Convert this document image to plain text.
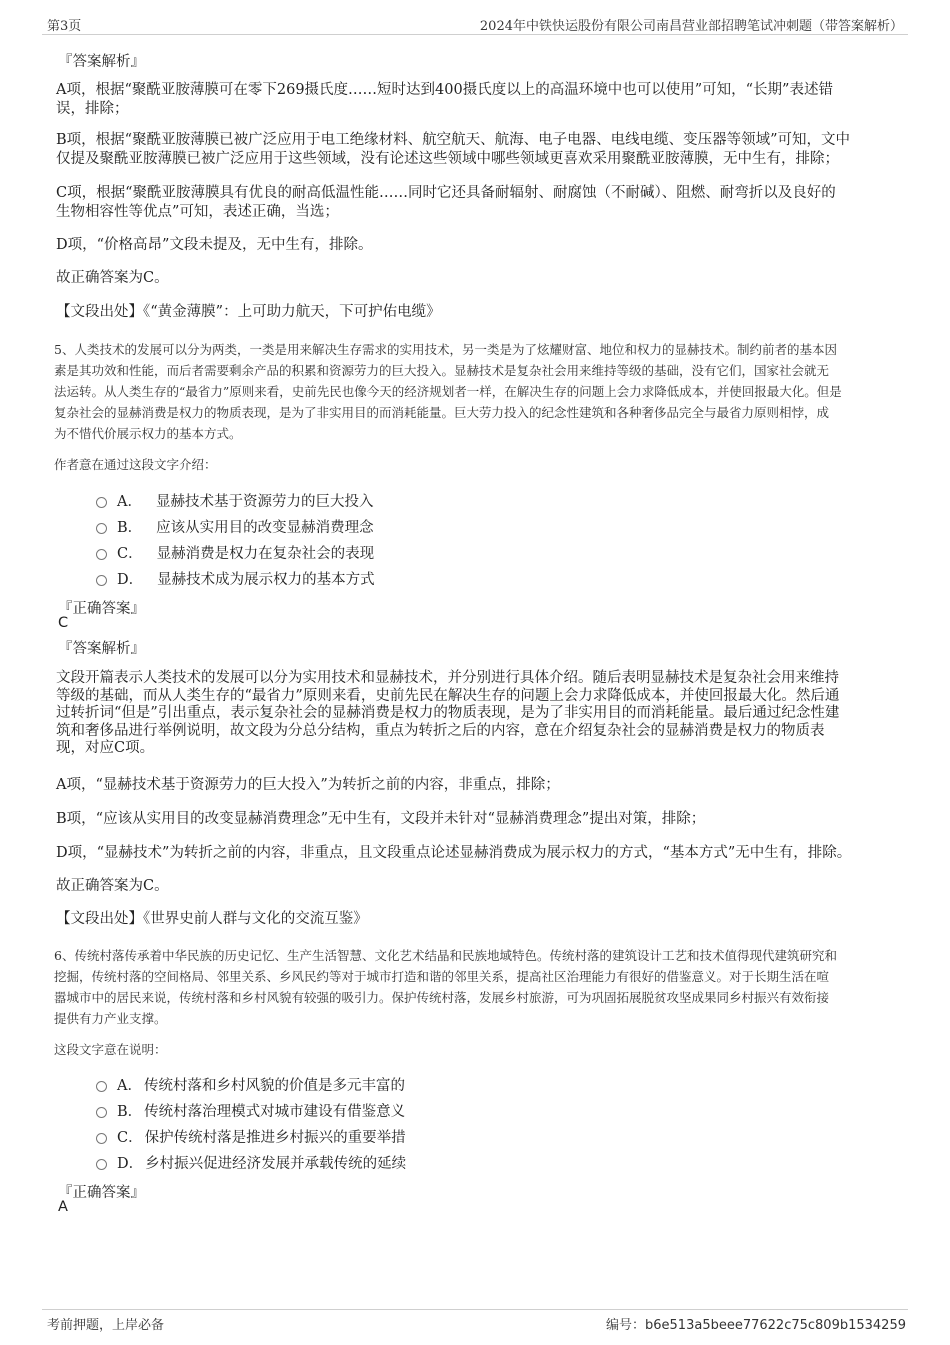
第3页	2024年中铁快运股份有限公司南昌营业部招聘笔试冲刺题（带答案解析）
『答案解析』
A项，根据“聚酰亚胺薄膜可在零下269摄氏度……短时达到400摄氏度以上的高温环境中也可以使用”可知，“长期”表述错
误，排除；
B项，根据“聚酰亚胺薄膜已被广泛应用于电工绝缘材料、航空航天、航海、电子电器、电线电缆、变压器等领域”可知，文中
仅提及聚酰亚胺薄膜已被广泛应用于这些领域，没有论述这些领域中哪些领域更喜欢采用聚酰亚胺薄膜，无中生有，排除；
C项，根据“聚酰亚胺薄膜具有优良的耐高低温性能……同时它还具备耐辐射、耐腐蚀（不耐碱）、阻燃、耐弯折以及良好的
生物相容性等优点”可知，表述正确，当选；
D项，“价格高昂”文段未提及，无中生有，排除。
故正确答案为C。
【文段出处】《“黄金薄膜”：上可助力航天，下可护佑电缆》
5、人类技术的发展可以分为两类，一类是用来解决生存需求的实用技术，另一类是为了炫耀财富、地位和权力的显赫技术。制约前者的基本因
素是其功效和性能，而后者需要剩余产品的积累和资源劳力的巨大投入。显赫技术是复杂社会用来维持等级的基础，没有它们，国家社会就无
法运转。从人类生存的“最省力”原则来看，史前先民也像今天的经济规划者一样，在解决生存的问题上会力求降低成本，并使回报最大化。但是
复杂社会的显赫消费是权力的物质表现，是为了非实用目的而消耗能量。巨大劳力投入的纪念性建筑和各种奢侈品完全与最省力原则相悖，成
为不惜代价展示权力的基本方式。
作者意在通过这段文字介绍：
A． 显赫技术基于资源劳力的巨大投入
B． 应该从实用目的改变显赫消费理念
C． 显赫消费是权力在复杂社会的表现
D． 显赫技术成为展示权力的基本方式
『正确答案』
C
『答案解析』
文段开篇表示人类技术的发展可以分为实用技术和显赫技术，并分别进行具体介绍。随后表明显赫技术是复杂社会用来维持
等级的基础，而从人类生存的“最省力”原则来看，史前先民在解决生存的问题上会力求降低成本，并使回报最大化。然后通
过转折词“但是”引出重点，表示复杂社会的显赫消费是权力的物质表现，是为了非实用目的而消耗能量。最后通过纪念性建
筑和奢侈品进行举例说明，故文段为分总分结构，重点为转折之后的内容，意在介绍复杂社会的显赫消费是权力的物质表
现，对应C项。
A项，“显赫技术基于资源劳力的巨大投入”为转折之前的内容，非重点，排除；
B项，“应该从实用目的改变显赫消费理念”无中生有，文段并未针对“显赫消费理念”提出对策，排除；
D项，“显赫技术”为转折之前的内容，非重点，且文段重点论述显赫消费成为展示权力的方式，“基本方式”无中生有，排除。
故正确答案为C。
【文段出处】《世界史前人群与文化的交流互鉴》
6、传统村落传承着中华民族的历史记忆、生产生活智慧、文化艺术结晶和民族地域特色。传统村落的建筑设计工艺和技术值得现代建筑研究和
挖掘，传统村落的空间格局、邻里关系、乡风民约等对于城市打造和谐的邻里关系，提高社区治理能力有很好的借鉴意义。对于长期生活在喧
嚣城市中的居民来说，传统村落和乡村风貌有较强的吸引力。保护传统村落，发展乡村旅游，可为巩固拓展脱贫攻坚成果同乡村振兴有效衔接
提供有力产业支撑。
这段文字意在说明：
A． 传统村落和乡村风貌的价值是多元丰富的
B． 传统村落治理模式对城市建设有借鉴意义
C． 保护传统村落是推进乡村振兴的重要举措
D． 乡村振兴促进经济发展并承载传统的延续
『正确答案』
A
考前押题，上岸必备	编号：b6e513a5beee77622c75c809b1534259
